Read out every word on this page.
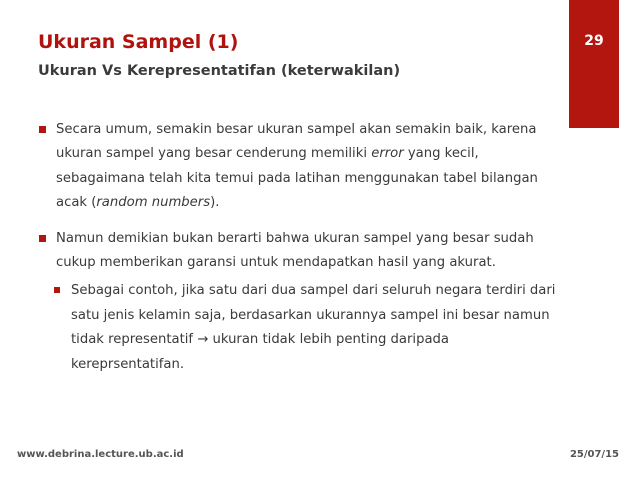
Ukuran Sampel (1)
Ukuran Vs Kerepresentatifan (keterwakilan)
29
Secara umum, semakin besar ukuran sampel akan semakin baik, karena ukuran sampel yang besar cenderung memiliki error yang kecil, sebagaimana telah kita temui pada latihan menggunakan tabel bilangan acak (random numbers).
Namun demikian bukan berarti bahwa ukuran sampel yang besar sudah cukup memberikan garansi untuk mendapatkan hasil yang akurat.
Sebagai contoh, jika satu dari dua sampel dari seluruh negara terdiri dari satu jenis kelamin saja, berdasarkan ukurannya sampel ini besar namun tidak representatif → ukuran tidak lebih penting daripada kereprsentatifan.
www.debrina.lecture.ub.ac.id	25/07/15
